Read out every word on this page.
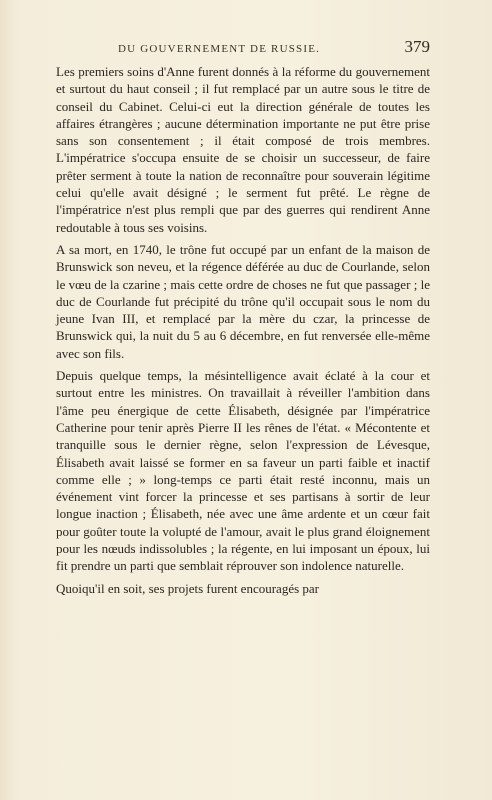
DU GOUVERNEMENT DE RUSSIE.	379

Les premiers soins d'Anne furent donnés à la réforme du gouvernement et surtout du haut conseil ; il fut remplacé par un autre sous le titre de conseil du Cabinet. Celui-ci eut la direction générale de toutes les affaires étrangères ; aucune détermination importante ne put être prise sans son consentement ; il était composé de trois membres. L'impératrice s'occupa ensuite de se choisir un successeur, de faire prêter serment à toute la nation de reconnaître pour souverain légitime celui qu'elle avait désigné ; le serment fut prêté. Le règne de l'impératrice n'est plus rempli que par des guerres qui rendirent Anne redoutable à tous ses voisins.

A sa mort, en 1740, le trône fut occupé par un enfant de la maison de Brunswick son neveu, et la régence déférée au duc de Courlande, selon le vœu de la czarine ; mais cette ordre de choses ne fut que passager ; le duc de Courlande fut précipité du trône qu'il occupait sous le nom du jeune Ivan III, et remplacé par la mère du czar, la princesse de Brunswick qui, la nuit du 5 au 6 décembre, en fut renversée elle-même avec son fils.

Depuis quelque temps, la mésintelligence avait éclaté à la cour et surtout entre les ministres. On travaillait à réveiller l'ambition dans l'âme peu énergique de cette Élisabeth, désignée par l'impératrice Catherine pour tenir après Pierre II les rênes de l'état. « Mécontente et tranquille sous le dernier règne, selon l'expression de Lévesque, Élisabeth avait laissé se former en sa faveur un parti faible et inactif comme elle ; » long-temps ce parti était resté inconnu, mais un événement vint forcer la princesse et ses partisans à sortir de leur longue inaction ; Élisabeth, née avec une âme ardente et un cœur fait pour goûter toute la volupté de l'amour, avait le plus grand éloignement pour les nœuds indissolubles ; la régente, en lui imposant un époux, lui fit prendre un parti que semblait réprouver son indolence naturelle.

Quoiqu'il en soit, ses projets furent encouragés par
